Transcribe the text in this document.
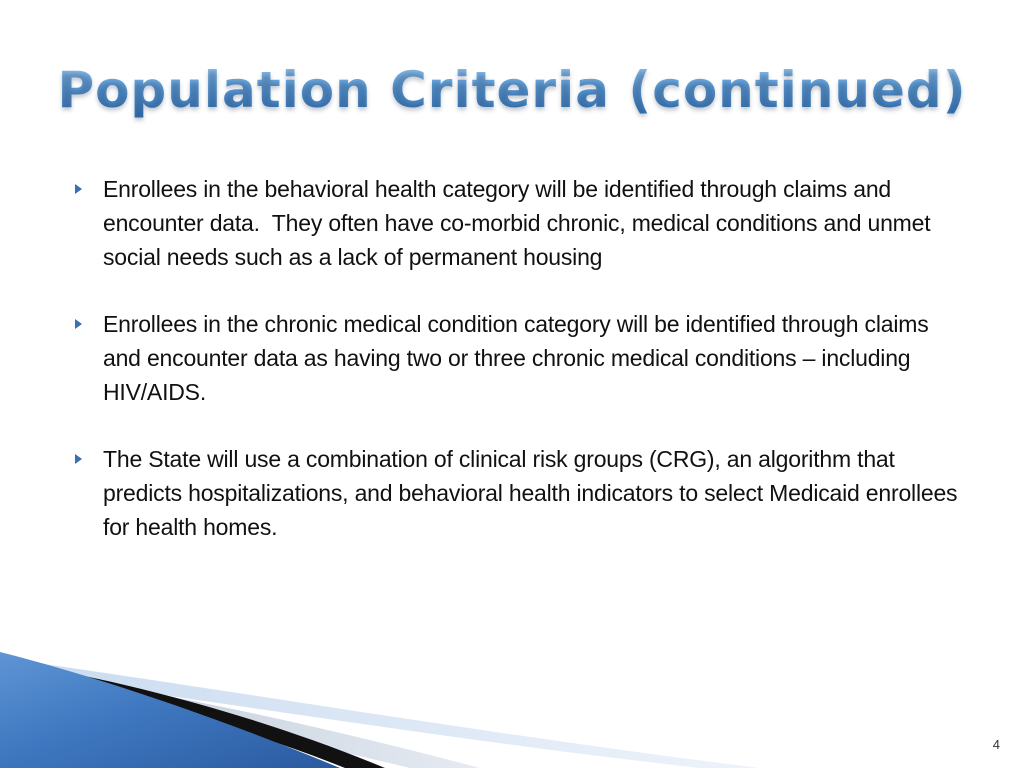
Population Criteria (continued)
Enrollees in the behavioral health category will be identified through claims and encounter data.  They often have co-morbid chronic, medical conditions and unmet social needs such as a lack of permanent housing
Enrollees in the chronic medical condition category will be identified through claims and encounter data as having two or three chronic medical conditions – including HIV/AIDS.
The State will use a combination of clinical risk groups (CRG), an algorithm that predicts hospitalizations, and behavioral health indicators to select Medicaid enrollees for health homes.
4
